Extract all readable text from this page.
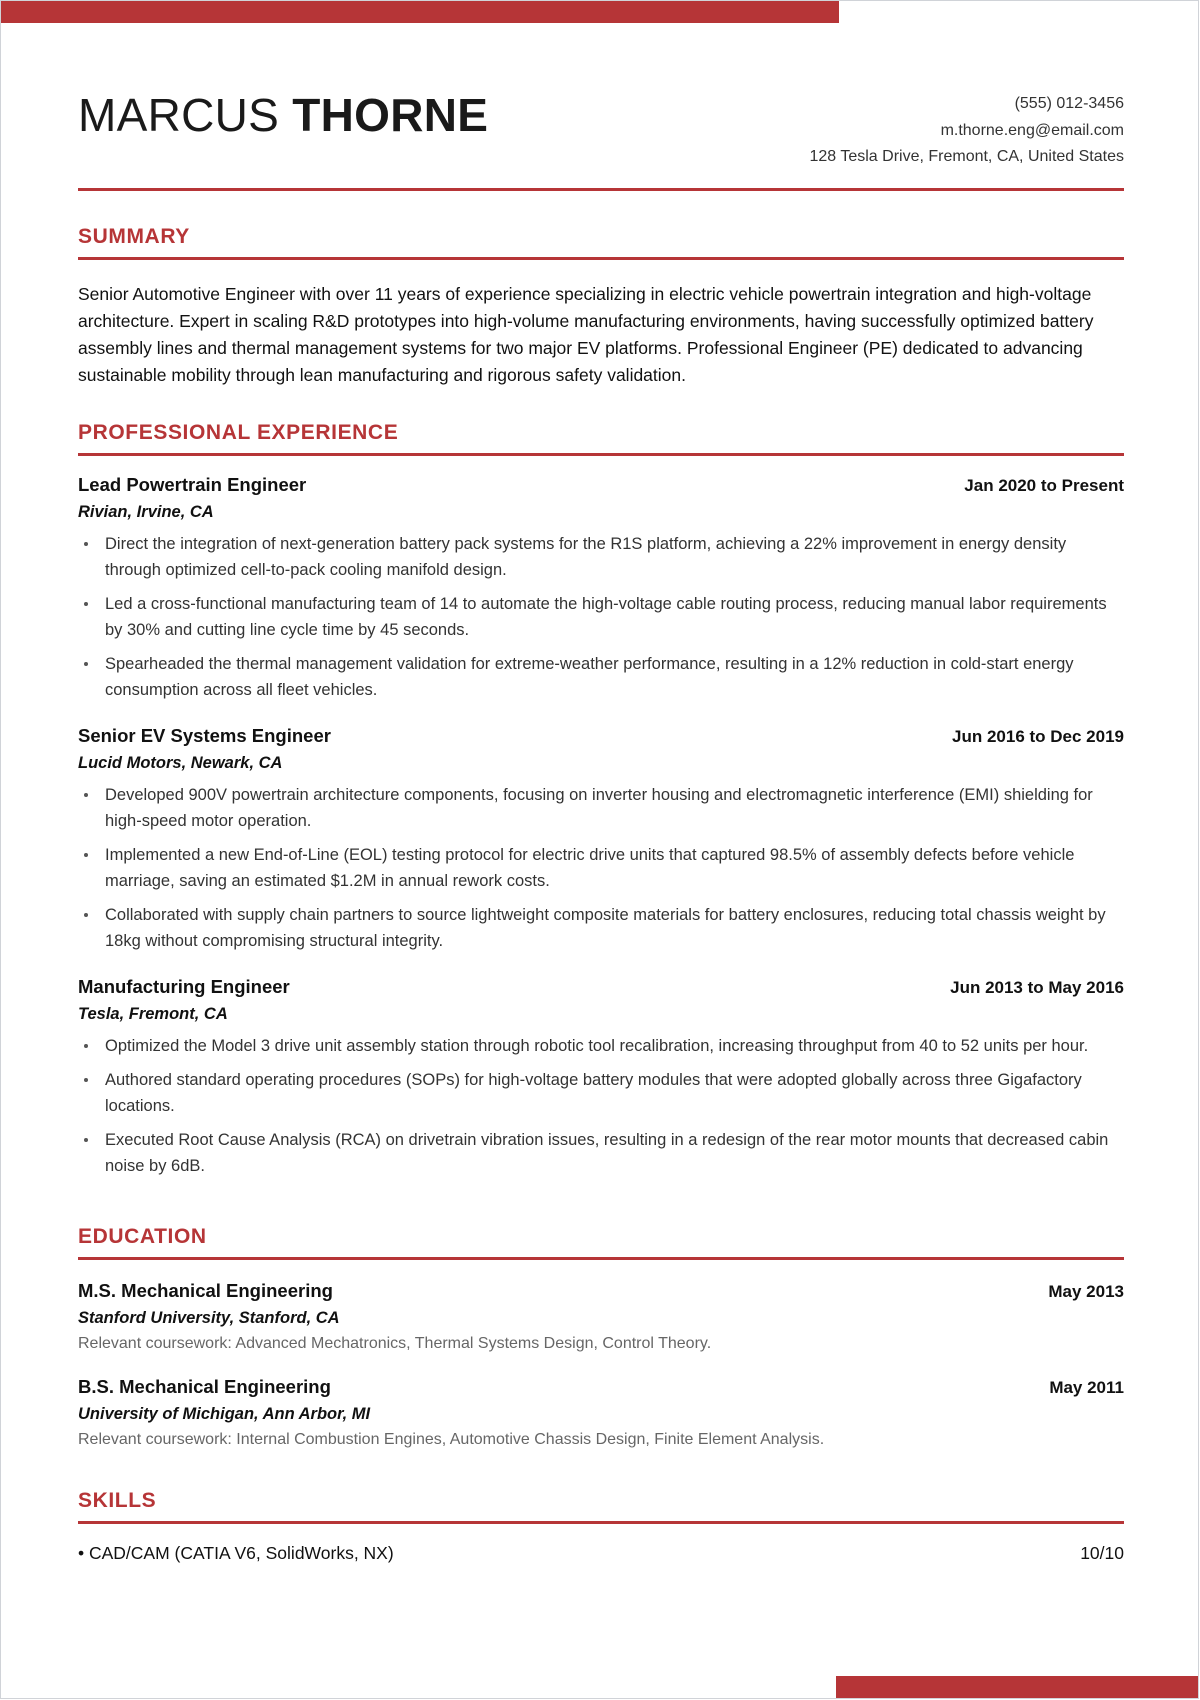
MARCUS THORNE	(555) 012-3456
m.thorne.eng@email.com
128 Tesla Drive, Fremont, CA, United States
SUMMARY

Senior Automotive Engineer with over 11 years of experience specializing in electric vehicle powertrain integration and high-voltage architecture. Expert in scaling R&D prototypes into high-volume manufacturing environments, having successfully optimized battery assembly lines and thermal management systems for two major EV platforms. Professional Engineer (PE) dedicated to advancing sustainable mobility through lean manufacturing and rigorous safety validation.

PROFESSIONAL EXPERIENCE
Lead Powertrain Engineer	Jan 2020 to Present
Rivian, Irvine, CA
Direct the integration of next-generation battery pack systems for the R1S platform, achieving a 22% improvement in energy density through optimized cell-to-pack cooling manifold design.
Led a cross-functional manufacturing team of 14 to automate the high-voltage cable routing process, reducing manual labor requirements by 30% and cutting line cycle time by 45 seconds.
Spearheaded the thermal management validation for extreme-weather performance, resulting in a 12% reduction in cold-start energy consumption across all fleet vehicles.
Senior EV Systems Engineer	Jun 2016 to Dec 2019
Lucid Motors, Newark, CA
Developed 900V powertrain architecture components, focusing on inverter housing and electromagnetic interference (EMI) shielding for high-speed motor operation.
Implemented a new End-of-Line (EOL) testing protocol for electric drive units that captured 98.5% of assembly defects before vehicle marriage, saving an estimated $1.2M in annual rework costs.
Collaborated with supply chain partners to source lightweight composite materials for battery enclosures, reducing total chassis weight by 18kg without compromising structural integrity.
Manufacturing Engineer	Jun 2013 to May 2016
Tesla, Fremont, CA
Optimized the Model 3 drive unit assembly station through robotic tool recalibration, increasing throughput from 40 to 52 units per hour.
Authored standard operating procedures (SOPs) for high-voltage battery modules that were adopted globally across three Gigafactory locations.
Executed Root Cause Analysis (RCA) on drivetrain vibration issues, resulting in a redesign of the rear motor mounts that decreased cabin noise by 6dB.
EDUCATION
M.S. Mechanical Engineering	May 2013
Stanford University, Stanford, CA
Relevant coursework: Advanced Mechatronics, Thermal Systems Design, Control Theory.
B.S. Mechanical Engineering	May 2011
University of Michigan, Ann Arbor, MI
Relevant coursework: Internal Combustion Engines, Automotive Chassis Design, Finite Element Analysis.
SKILLS
• CAD/CAM (CATIA V6, SolidWorks, NX)	10/10
